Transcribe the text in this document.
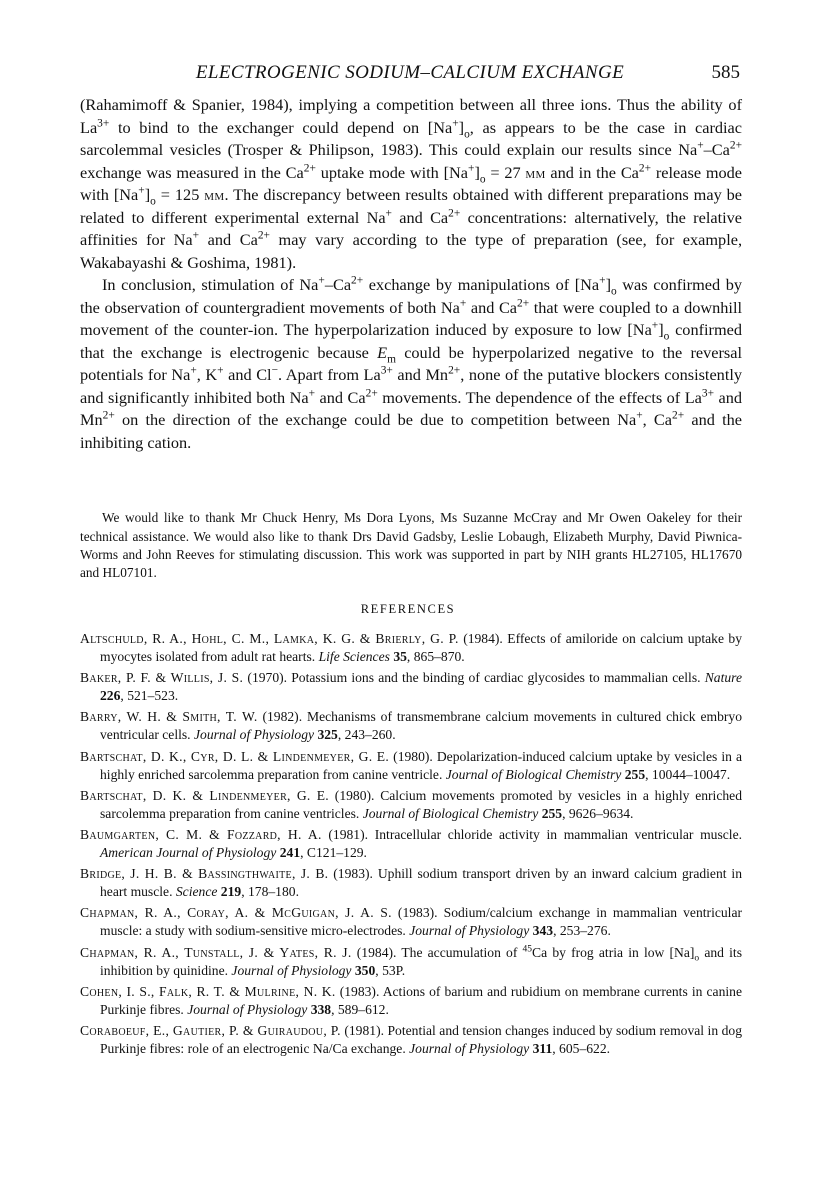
ELECTROGENIC SODIUM–CALCIUM EXCHANGE	585

(Rahamimoff & Spanier, 1984), implying a competition between all three ions. Thus the ability of $La^{3+}$ to bind to the exchanger could depend on $[Na^+]_o$, as appears to be the case in cardiac sarcolemmal vesicles (Trosper & Philipson, 1983). This could explain our results since $Na^+-Ca^{2+}$ exchange was measured in the $Ca^{2+}$ uptake mode with $[Na^+]_o = 27$ mm and in the $Ca^{2+}$ release mode with $[Na^+]_o = 125$ mm. The discrepancy between results obtained with different preparations may be related to different experimental external Na+ and $Ca^{2+}$ concentrations: alternatively, the relative affinities for Na+ and $Ca^{2+}$ may vary according to the type of preparation (see, for example, Wakabayashi & Goshima, 1981).

In conclusion, stimulation of $Na^+-Ca^{2+}$ exchange by manipulations of $[Na^+]_o$ was confirmed by the observation of countergradient movements of both Na+ and $Ca^{2+}$ that were coupled to a downhill movement of the counter-ion. The hyperpolarization induced by exposure to low $[Na^+]_o$ confirmed that the exchange is electrogenic because $E_m$ could be hyperpolarized negative to the reversal potentials for Na+, K+ and Cl−. Apart from $La^{3+}$ and $Mn^{2+}$, none of the putative blockers consistently and significantly inhibited both Na+ and $Ca^{2+}$ movements. The dependence of the effects of $La^{3+}$ and $Mn^{2+}$ on the direction of the exchange could be due to competition between Na+, $Ca^{2+}$ and the inhibiting cation.

We would like to thank Mr Chuck Henry, Ms Dora Lyons, Ms Suzanne McCray and Mr Owen Oakeley for their technical assistance. We would also like to thank Drs David Gadsby, Leslie Lobaugh, Elizabeth Murphy, David Piwnica-Worms and John Reeves for stimulating discussion. This work was supported in part by NIH grants HL27105, HL17670 and HL07101.

REFERENCES

Altschuld, R. A., Hohl, C. M., Lamka, K. G. & Brierly, G. P. (1984). Effects of amiloride on calcium uptake by myocytes isolated from adult rat hearts. Life Sciences 35, 865–870.

Baker, P. F. & Willis, J. S. (1970). Potassium ions and the binding of cardiac glycosides to mammalian cells. Nature 226, 521–523.

Barry, W. H. & Smith, T. W. (1982). Mechanisms of transmembrane calcium movements in cultured chick embryo ventricular cells. Journal of Physiology 325, 243–260.

Bartschat, D. K., Cyr, D. L. & Lindenmeyer, G. E. (1980). Depolarization-induced calcium uptake by vesicles in a highly enriched sarcolemma preparation from canine ventricle. Journal of Biological Chemistry 255, 10044–10047.

Bartschat, D. K. & Lindenmeyer, G. E. (1980). Calcium movements promoted by vesicles in a highly enriched sarcolemma preparation from canine ventricles. Journal of Biological Chemistry 255, 9626–9634.

Baumgarten, C. M. & Fozzard, H. A. (1981). Intracellular chloride activity in mammalian ventricular muscle. American Journal of Physiology 241, C121–129.

Bridge, J. H. B. & Bassingthwaite, J. B. (1983). Uphill sodium transport driven by an inward calcium gradient in heart muscle. Science 219, 178–180.

Chapman, R. A., Coray, A. & McGuigan, J. A. S. (1983). Sodium/calcium exchange in mammalian ventricular muscle: a study with sodium-sensitive micro-electrodes. Journal of Physiology 343, 253–276.

Chapman, R. A., Tunstall, J. & Yates, R. J. (1984). The accumulation of $^{45}$Ca by frog atria in low $[Na]_o$ and its inhibition by quinidine. Journal of Physiology 350, 53P.

Cohen, I. S., Falk, R. T. & Mulrine, N. K. (1983). Actions of barium and rubidium on membrane currents in canine Purkinje fibres. Journal of Physiology 338, 589–612.

Coraboeuf, E., Gautier, P. & Guiraudou, P. (1981). Potential and tension changes induced by sodium removal in dog Purkinje fibres: role of an electrogenic Na/Ca exchange. Journal of Physiology 311, 605–622.
